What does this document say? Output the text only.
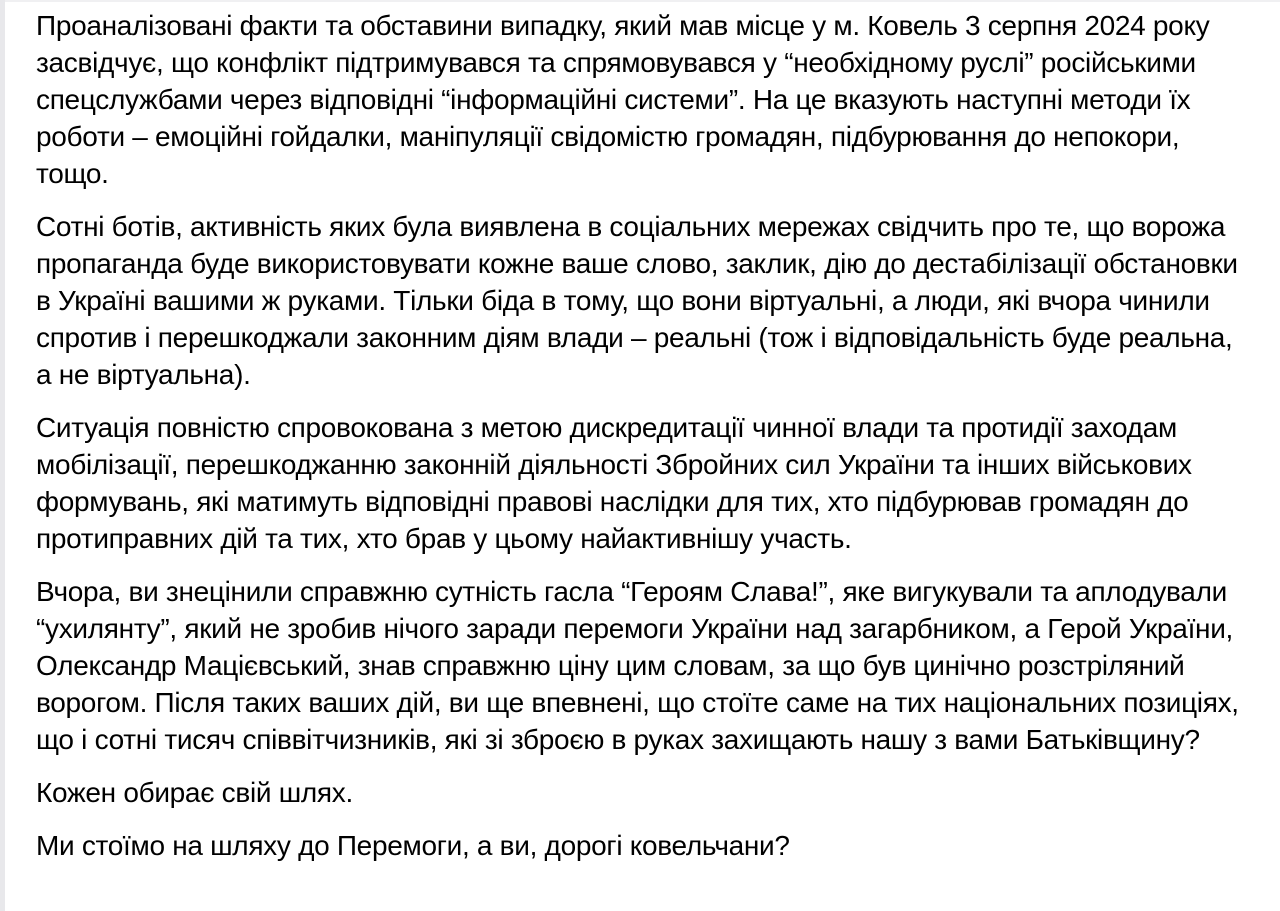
Проаналізовані факти та обставини випадку, який мав місце у м. Ковель 3 серпня 2024 року засвідчує, що конфлікт підтримувався та спрямовувався у “необхідному руслі” російськими спецслужбами через відповідні “інформаційні системи”. На це вказують наступні методи їх роботи – емоційні гойдалки, маніпуляції свідомістю громадян, підбурювання до непокори, тощо.

Сотні ботів, активність яких була виявлена в соціальних мережах свідчить про те, що ворожа пропаганда буде використовувати кожне ваше слово, заклик, дію до дестабілізації обстановки в Україні вашими ж руками. Тільки біда в тому, що вони віртуальні, а люди, які вчора чинили спротив і перешкоджали законним діям влади – реальні (тож і відповідальність буде реальна, а не віртуальна).

Ситуація повністю спровокована з метою дискредитації чинної влади та протидії заходам мобілізації, перешкоджанню законній діяльності Збройних сил України та інших військових формувань, які матимуть відповідні правові наслідки для тих, хто підбурював громадян до протиправних дій та тих, хто брав у цьому найактивнішу участь.

Вчора, ви знецінили справжню сутність гасла “Героям Слава!”, яке вигукували та аплодували “ухилянту”, який не зробив нічого заради перемоги України над загарбником, а Герой України, Олександр Мацієвський, знав справжню ціну цим словам, за що був цинічно розстріляний ворогом. Після таких ваших дій, ви ще впевнені, що стоїте саме на тих національних позиціях, що і сотні тисяч співвітчизників, які зі зброєю в руках захищають нашу з вами Батьківщину?

Кожен обирає свій шлях.

Ми стоїмо на шляху до Перемоги, а ви, дорогі ковельчани?
